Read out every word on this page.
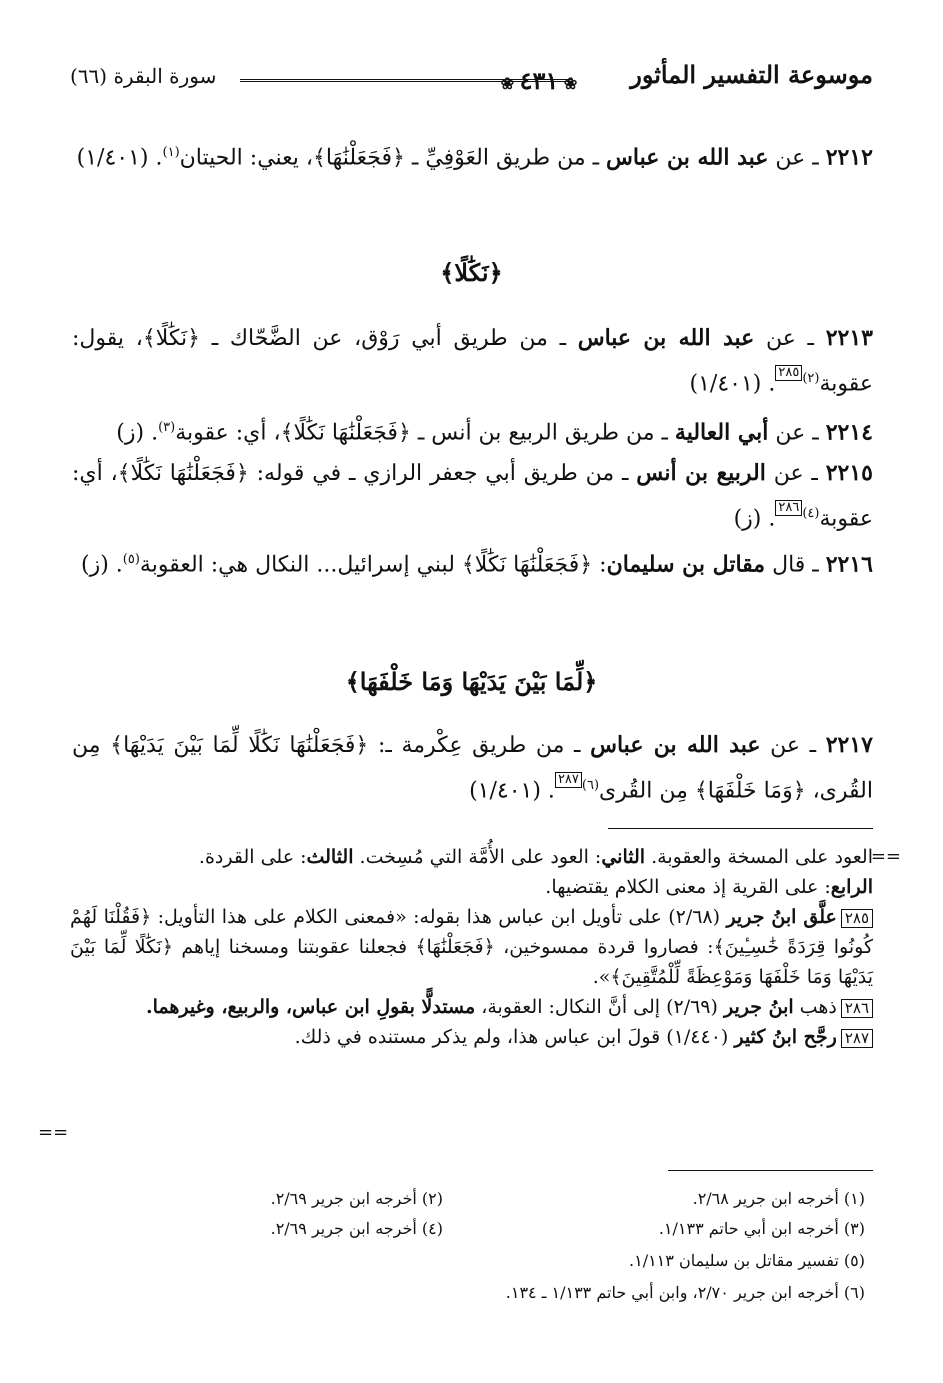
موسوعة التفسير المأثور
❀ ٤٣١ ❀
سورة البقرة (٦٦)
٢٢١٢ ـ عن عبد الله بن عباس ـ من طريق العَوْفِيِّ ـ ﴿فَجَعَلْنَٰهَا﴾، يعني: الحيتان$^{(١)}$. (١/٤٠١)
﴿نَكَٰلًا﴾
٢٢١٣ ـ عن عبد الله بن عباس ـ من طريق أبي رَوْق، عن الضَّحّاك ـ ﴿نَكَٰلًا﴾، يقول: عقوبة$^{(٢)}$٢٨٥. (١/٤٠١)
٢٢١٤ ـ عن أبي العالية ـ من طريق الربيع بن أنس ـ ﴿فَجَعَلْنَٰهَا نَكَٰلًا﴾، أي: عقوبة$^{(٣)}$. (ز)
٢٢١٥ ـ عن الربيع بن أنس ـ من طريق أبي جعفر الرازي ـ في قوله: ﴿فَجَعَلْنَٰهَا نَكَٰلًا﴾، أي: عقوبة$^{(٤)}$٢٨٦. (ز)
٢٢١٦ ـ قال مقاتل بن سليمان: ﴿فَجَعَلْنَٰهَا نَكَٰلًا﴾ لبني إسرائيل... النكال هي: العقوبة$^{(٥)}$. (ز)
﴿لِّمَا بَيْنَ يَدَيْهَا وَمَا خَلْفَهَا﴾
٢٢١٧ ـ عن عبد الله بن عباس ـ من طريق عِكْرمة ـ: ﴿فَجَعَلْنَٰهَا نَكَٰلًا لِّمَا بَيْنَ يَدَيْهَا﴾ مِن القُرى، ﴿وَمَا خَلْفَهَا﴾ مِن القُرى$^{(٦)}$٢٨٧. (١/٤٠١)
==

العود على المسخة والعقوبة. الثاني: العود على الأُمَّة التي مُسِخت. الثالث: على القردة.

الرابع: على القرية إذ معنى الكلام يقتضيها.

٢٨٥علَّق ابنُ جرير (٢/٦٨) على تأويل ابن عباس هذا بقوله: «فمعنى الكلام على هذا التأويل: ﴿فَقُلْنَا لَهُمْ كُونُوا قِرَدَةً خَٰسِـِٔينَ﴾: فصاروا قردة ممسوخين، ﴿فَجَعَلْنَٰهَا﴾ فجعلنا عقوبتنا ومسخنا إياهم ﴿نَكَٰلًا لِّمَا بَيْنَ يَدَيْهَا وَمَا خَلْفَهَا وَمَوْعِظَةً لِّلْمُتَّقِينَ﴾».

٢٨٦ذهب ابنُ جرير (٢/٦٩) إلى أنَّ النكال: العقوبة، مستدلًّا بقولِ ابن عباس، والربيع، وغيرهما.

٢٨٧رجَّح ابنُ كثير (١/٤٤٠) قولَ ابن عباس هذا، ولم يذكر مستنده في ذلك.

==
(١) أخرجه ابن جرير ٢/٦٨.
(٢) أخرجه ابن جرير ٢/٦٩.
(٣) أخرجه ابن أبي حاتم ١/١٣٣.
(٤) أخرجه ابن جرير ٢/٦٩.
(٥) تفسير مقاتل بن سليمان ١/١١٣.
(٦) أخرجه ابن جرير ٢/٧٠، وابن أبي حاتم ١/١٣٣ ـ ١٣٤.
